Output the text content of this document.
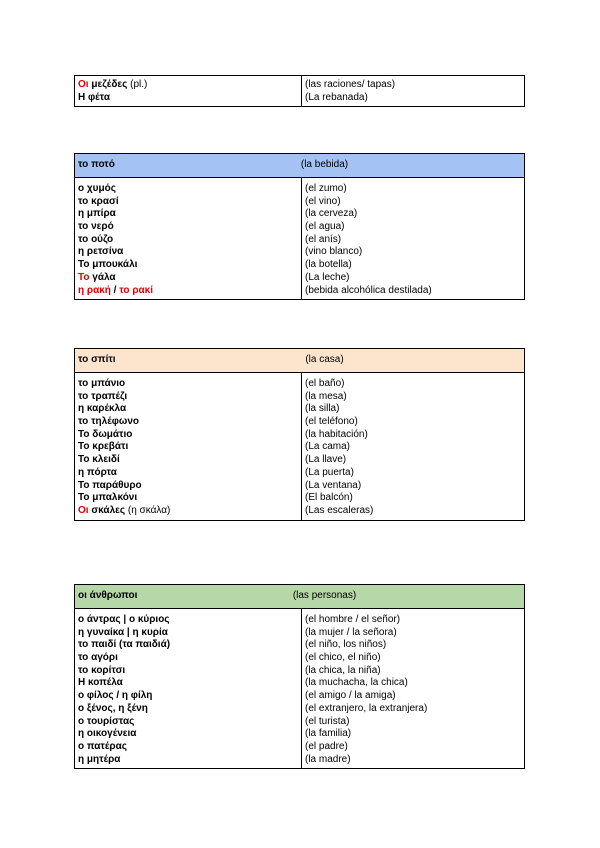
Οι μεζέδες (pl.)	(las raciones/ tapas)
Η φέτα	(La rebanada)
το ποτό	(la bebida)
ο χυμός	(el zumo)
το κρασί	(el vino)
η μπίρα	(la cerveza)
το νερό	(el agua)
το ούζο	(el anís)
η ρετσίνα	(vino blanco)
Το μπουκάλι	(la botella)
Το γάλα	(La leche)
η ρακή / το ρακί	(bebida alcohólica destilada)
το σπίτι	(la casa)
το μπάνιο	(el baño)
το τραπέζι	(la mesa)
η καρέκλα	(la silla)
το τηλέφωνο	(el teléfono)
Το δωμάτιο	(la habitación)
Το κρεβάτι	(La cama)
Το κλειδί	(La llave)
η πόρτα	(La puerta)
Το παράθυρο	(La ventana)
Το μπαλκόνι	(El balcón)
Οι σκάλες (η σκάλα)	(Las escaleras)
οι άνθρωποι	(las personas)
ο άντρας | ο κύριος	(el hombre / el señor)
η γυναίκα | η κυρία	(la mujer / la señora)
το παιδί (τα παιδιά)	(el niño, los niños)
το αγόρι	(el chico, el niño)
το κορίτσι	(la chica, la niña)
Η κοπέλα	(la muchacha, la chica)
ο φίλος / η φίλη	(el amigo / la amiga)
ο ξένος, η ξένη	(el extranjero, la extranjera)
ο τουρίστας	(el turista)
η οικογένεια	(la familia)
ο πατέρας	(el padre)
η μητέρα	(la madre)
